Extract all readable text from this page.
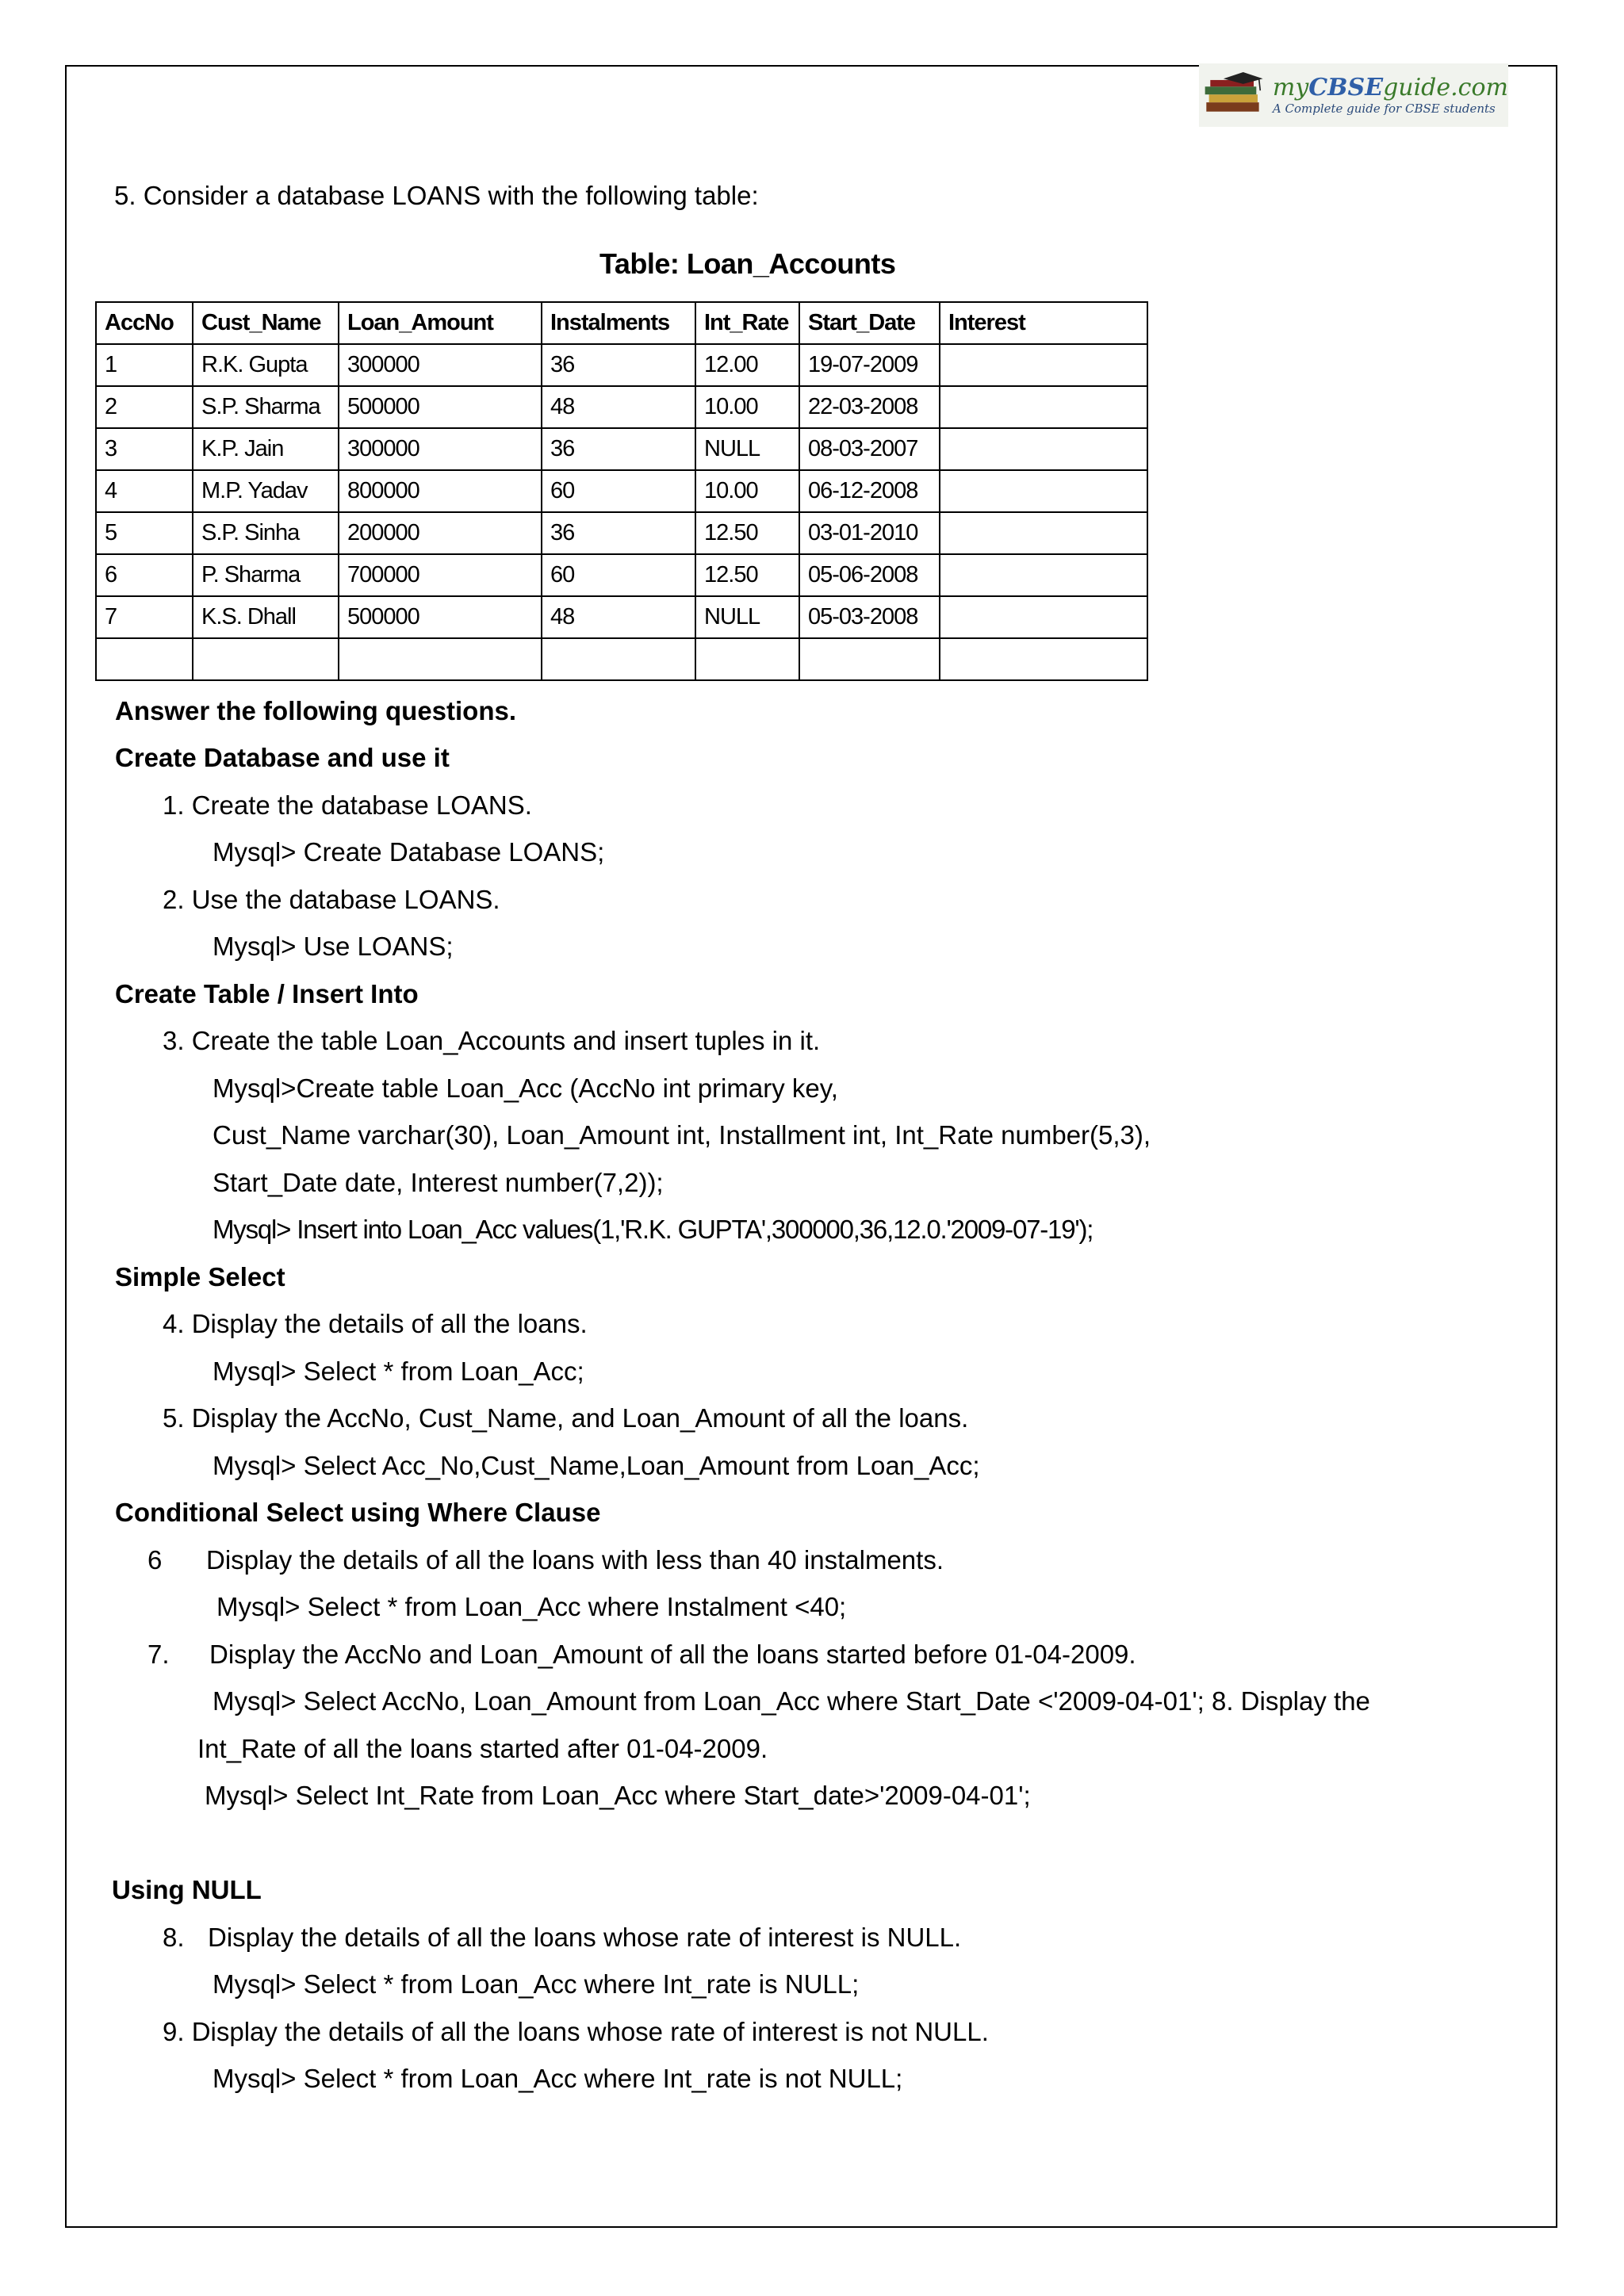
myCBSEguide.com
A Complete guide for CBSE students
5. Consider a database LOANS with the following table:
Table: Loan_Accounts
AccNo	Cust_Name	Loan_Amount	Instalments	Int_Rate	Start_Date	Interest
1	R.K. Gupta	300000	36	12.00	19-07-2009	
2	S.P. Sharma	500000	48	10.00	22-03-2008	
3	K.P. Jain	300000	36	NULL	08-03-2007	
4	M.P. Yadav	800000	60	10.00	06-12-2008	
5	S.P. Sinha	200000	36	12.50	03-01-2010	
6	P. Sharma	700000	60	12.50	05-06-2008	
7	K.S. Dhall	500000	48	NULL	05-03-2008	

Answer the following questions.
Create Database and use it
1. Create the database LOANS.
Mysql> Create Database LOANS;
2. Use the database LOANS.
Mysql> Use LOANS;
Create Table / Insert Into
3. Create the table Loan_Accounts and insert tuples in it.
Mysql>Create table Loan_Acc (AccNo int primary key,
Cust_Name varchar(30), Loan_Amount int, Installment int, Int_Rate number(5,3),
Start_Date date, Interest number(7,2));
Mysql> Insert into Loan_Acc values(1,'R.K. GUPTA',300000,36,12.0.'2009-07-19');
Simple Select
4. Display the details of all the loans.
Mysql> Select * from Loan_Acc;
5. Display the AccNo, Cust_Name, and Loan_Amount of all the loans.
Mysql> Select Acc_No,Cust_Name,Loan_Amount from Loan_Acc;
Conditional Select using Where Clause
6 Display the details of all the loans with less than 40 instalments.
Mysql> Select * from Loan_Acc where Instalment <40;
7. Display the AccNo and Loan_Amount of all the loans started before 01-04-2009.
Mysql> Select AccNo, Loan_Amount from Loan_Acc where Start_Date <'2009-04-01'; 8. Display the
Int_Rate of all the loans started after 01-04-2009.
Mysql> Select Int_Rate from Loan_Acc where Start_date>'2009-04-01';
Using NULL
8. Display the details of all the loans whose rate of interest is NULL.
Mysql> Select * from Loan_Acc where Int_rate is NULL;
9. Display the details of all the loans whose rate of interest is not NULL.
Mysql> Select * from Loan_Acc where Int_rate is not NULL;
